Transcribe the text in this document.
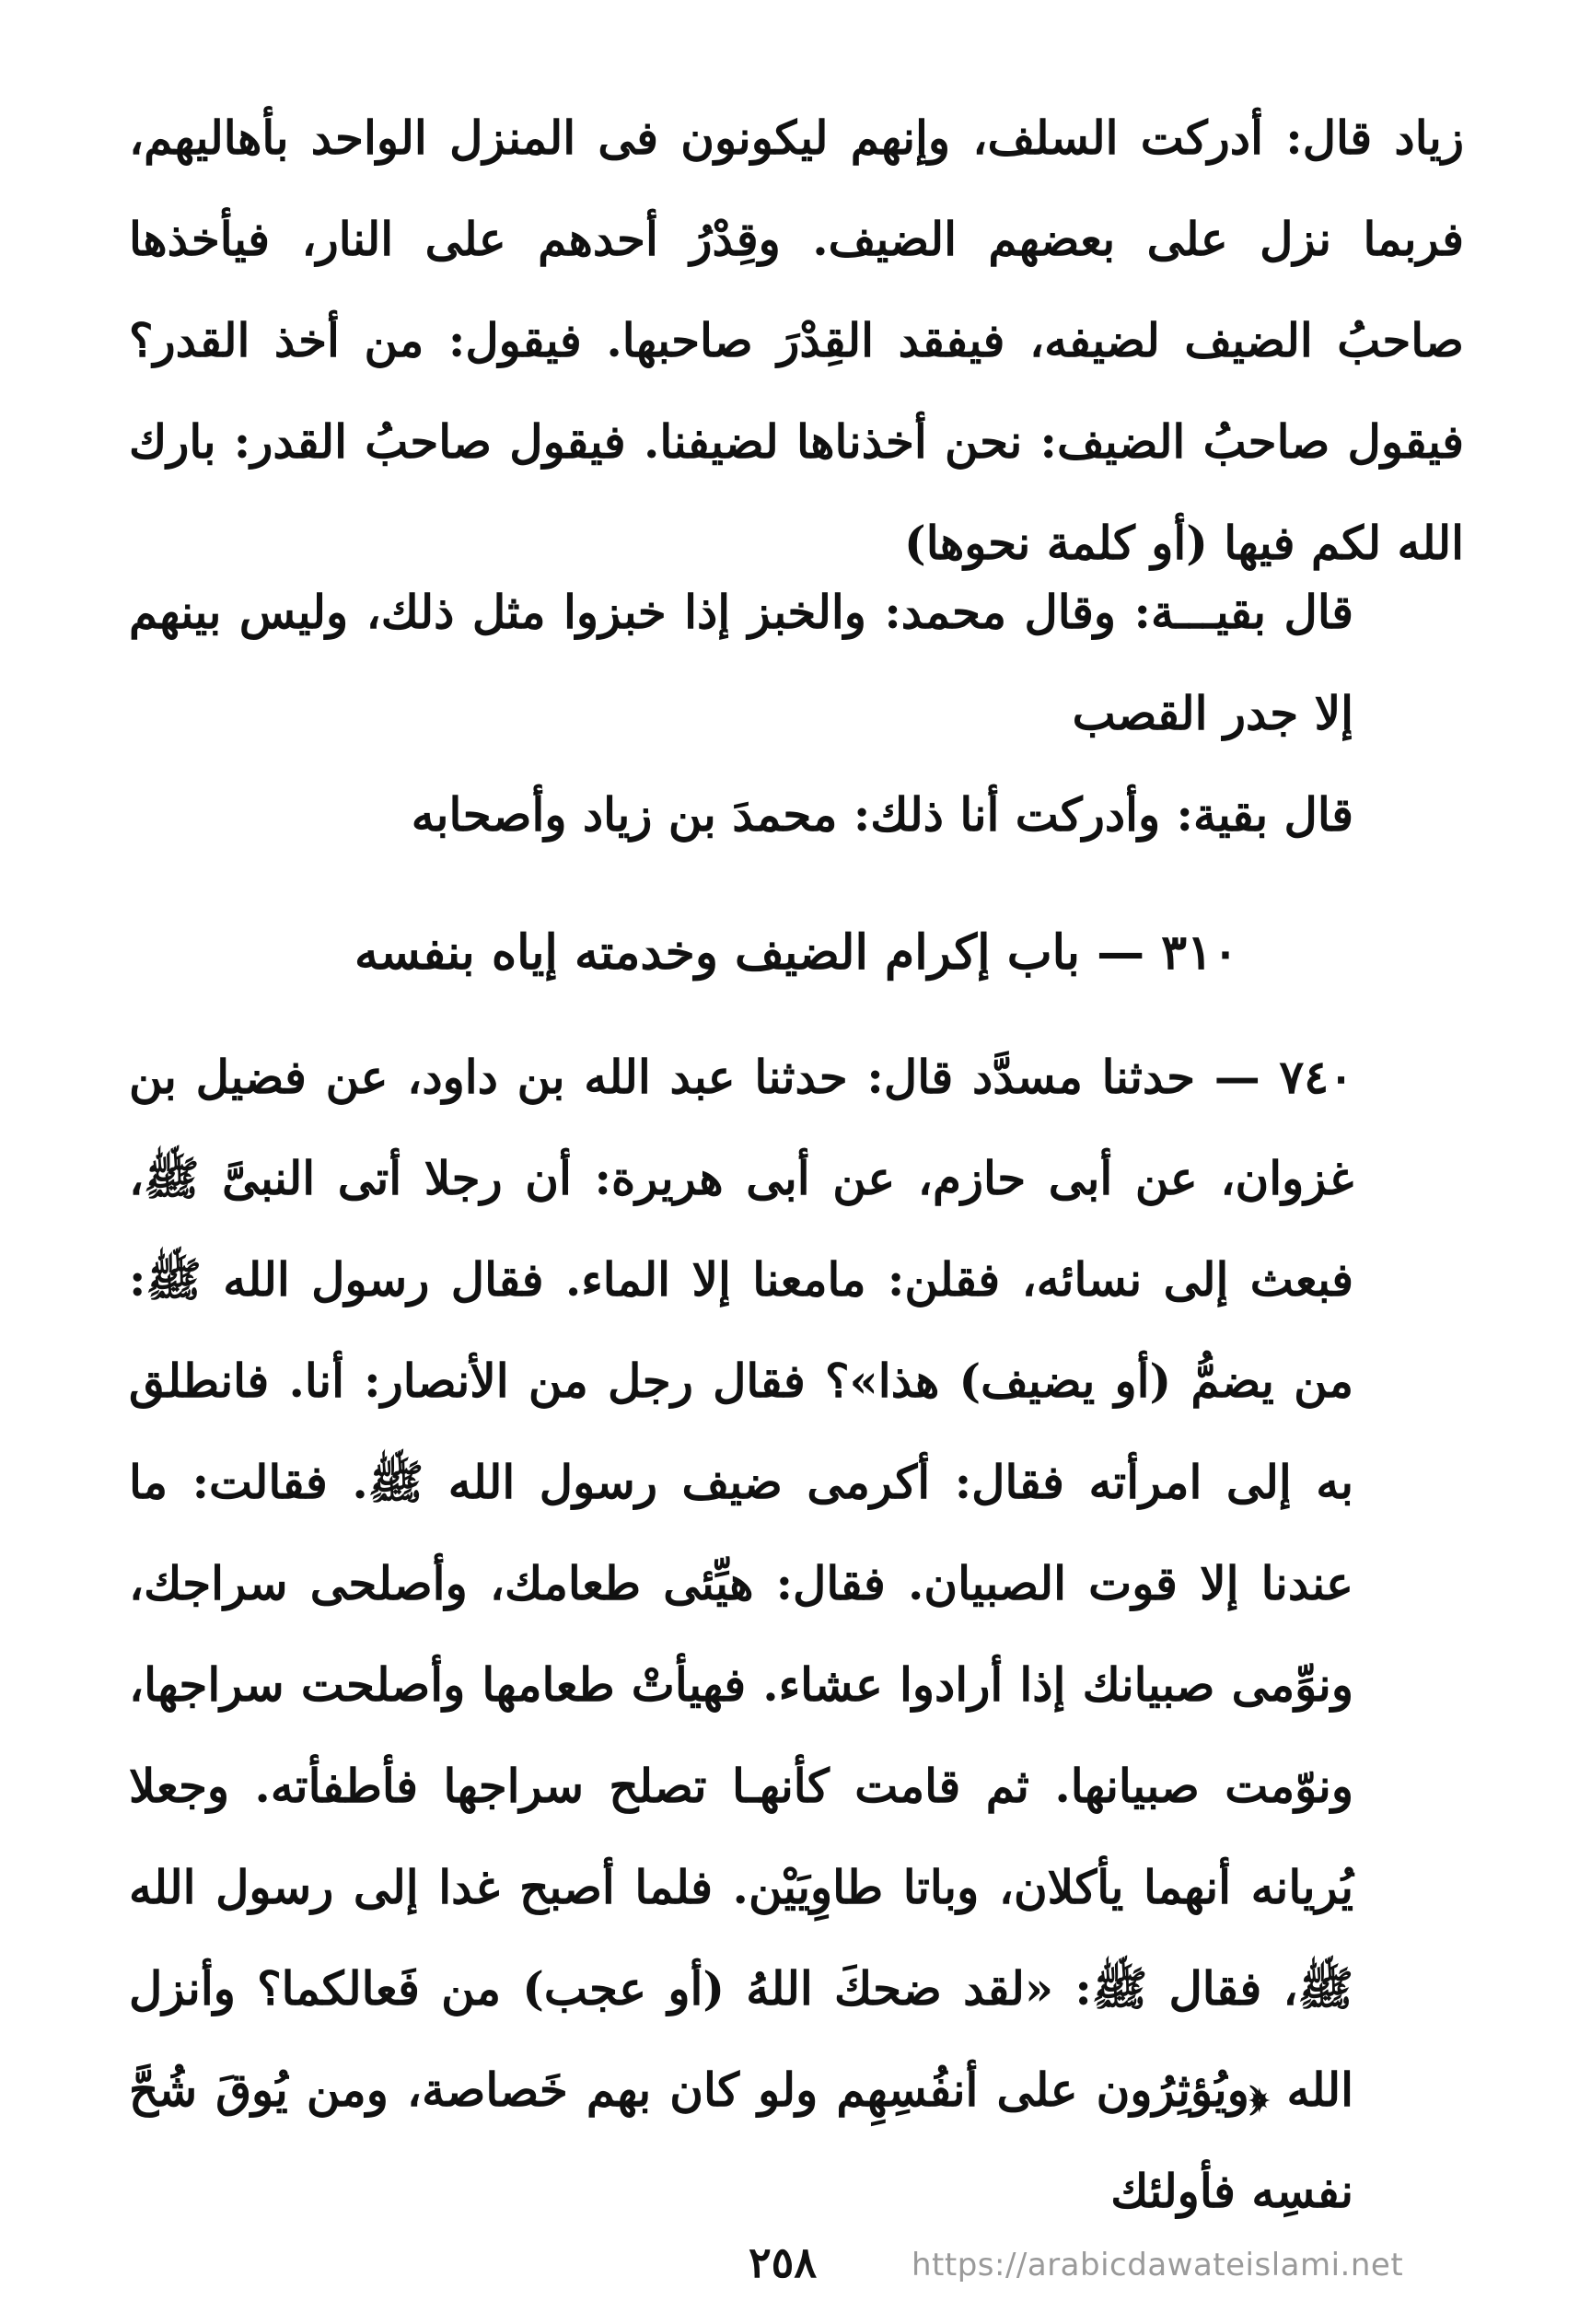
زياد قال: أدركت السلف، وإنهم ليكونون فى المنزل الواحد بأهاليهم، فربما نزل على بعضهم الضيف. وقِدْرُ أحدهم على النار، فيأخذها صاحبُ الضيف لضيفه، فيفقد القِدْرَ صاحبها. فيقول: من أخذ القدر؟ فيقول صاحبُ الضيف: نحن أخذناها لضيفنا. فيقول صاحبُ القدر: بارك الله لكم فيها (أو كلمة نحوها)

قال بقيـــة: وقال محمد: والخبز إذا خبزوا مثل ذلك، وليس بينهم إلا جدر القصب

قال بقية: وأدركت أنا ذلك: محمدَ بن زياد وأصحابه

٣١٠ — باب إكرام الضيف وخدمته إياه بنفسه

٧٤٠ — حدثنا مسدَّد قال: حدثنا عبد الله بن داود، عن فضيل بن غزوان، عن أبى حازم، عن أبى هريرة: أن رجلا أتى النبىَّ ﷺ، فبعث إلى نسائه، فقلن: مامعنا إلا الماء. فقال رسول الله ﷺ: من يضمُّ (أو يضيف) هذا»؟ فقال رجل من الأنصار: أنا. فانطلق به إلى امرأته فقال: أكرمى ضيف رسول الله ﷺ. فقالت: ما عندنا إلا قوت الصبيان. فقال: هيِّئى طعامك، وأصلحى سراجك، ونوِّمى صبيانك إذا أرادوا عشاء. فهيأتْ طعامها وأصلحت سراجها، ونوّمت صبيانها. ثم قامت كأنهـا تصلح سراجها فأطفأته. وجعلا يُريانه أنهما يأكلان، وباتا طاوِيَيْن. فلما أصبح غدا إلى رسول الله ﷺ، فقال ﷺ: «لقد ضحكَ اللهُ (أو عجب) من فَعالكما؟ وأنزل الله ﴿ويُؤثِرُون على أنفُسِهِم ولو كان بهم خَصاصة، ومن يُوقَ شُحَّ نفسِه فأولئك

٢٥٨	https://arabicdawateislami.net
